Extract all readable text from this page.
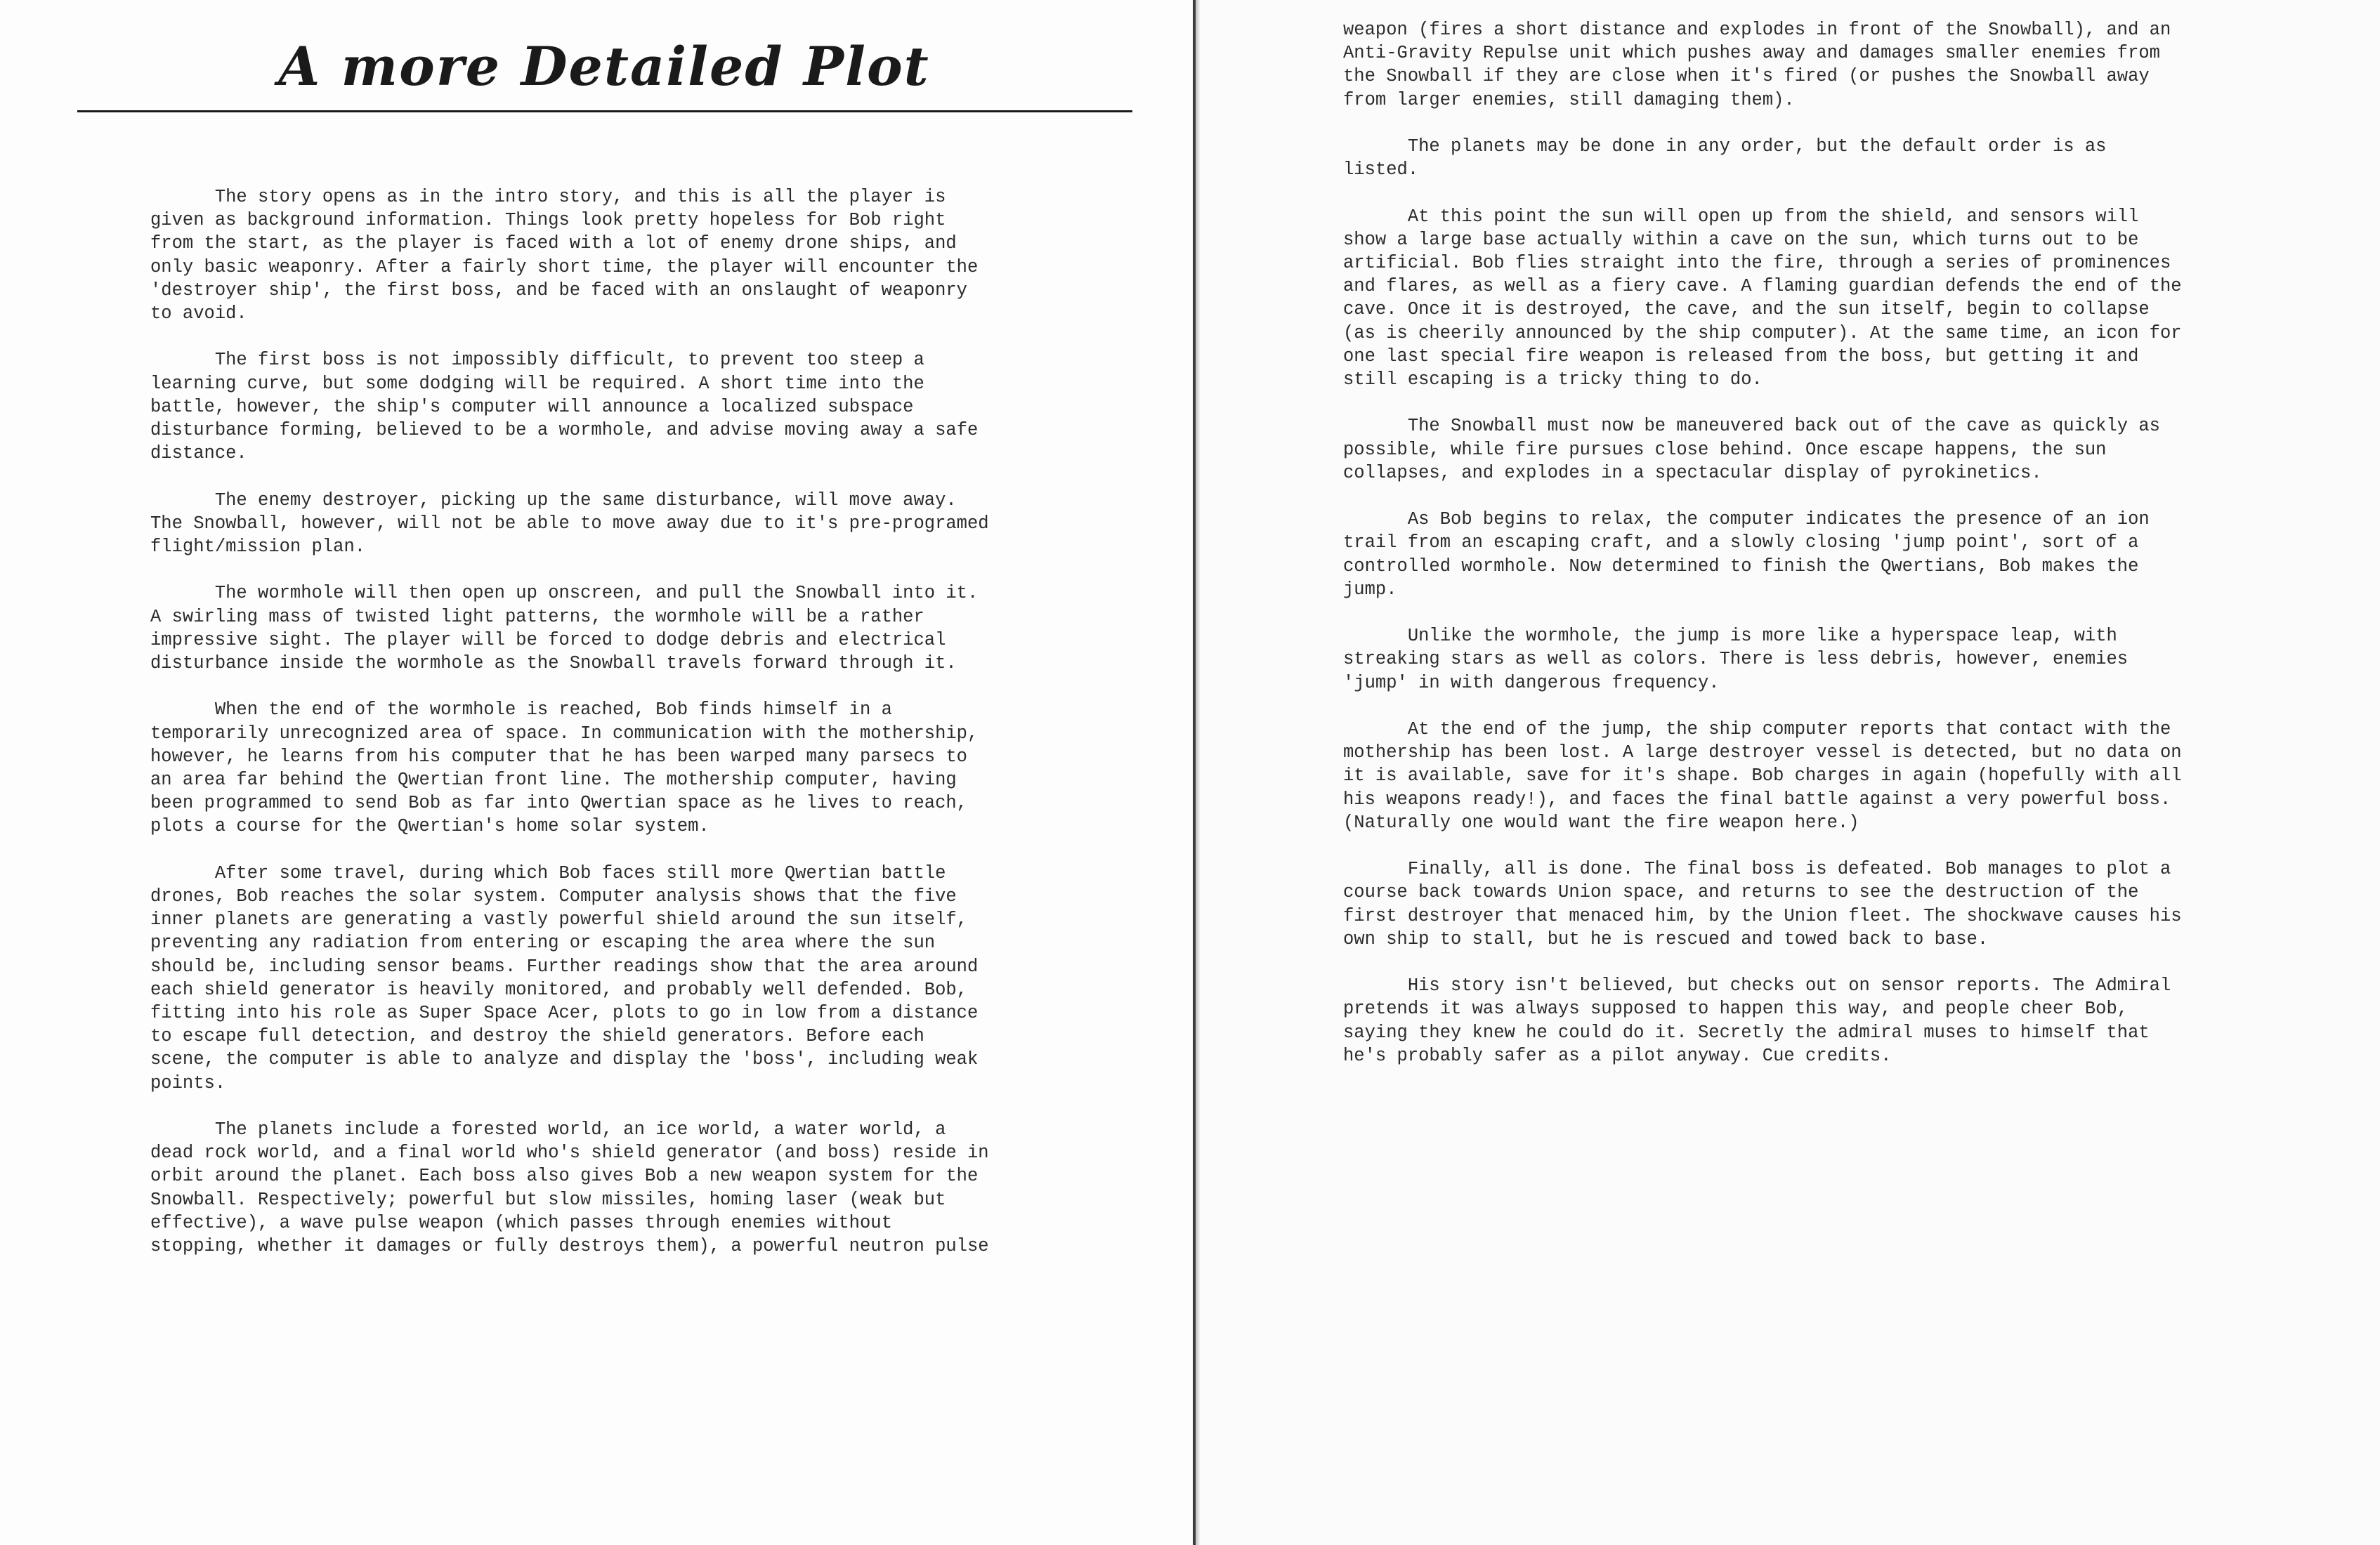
A more Detailed Plot
The story opens as in the intro story, and this is all the player is
given as background information. Things look pretty hopeless for Bob right
from the start, as the player is faced with a lot of enemy drone ships, and
only basic weaponry. After a fairly short time, the player will encounter the
'destroyer ship', the first boss, and be faced with an onslaught of weaponry
to avoid.
The first boss is not impossibly difficult, to prevent too steep a
learning curve, but some dodging will be required. A short time into the
battle, however, the ship's computer will announce a localized subspace
disturbance forming, believed to be a wormhole, and advise moving away a safe
distance.
The enemy destroyer, picking up the same disturbance, will move away.
The Snowball, however, will not be able to move away due to it's pre-programed
flight/mission plan.
The wormhole will then open up onscreen, and pull the Snowball into it.
A swirling mass of twisted light patterns, the wormhole will be a rather
impressive sight. The player will be forced to dodge debris and electrical
disturbance inside the wormhole as the Snowball travels forward through it.
When the end of the wormhole is reached, Bob finds himself in a
temporarily unrecognized area of space. In communication with the mothership,
however, he learns from his computer that he has been warped many parsecs to
an area far behind the Qwertian front line. The mothership computer, having
been programmed to send Bob as far into Qwertian space as he lives to reach,
plots a course for the Qwertian's home solar system.
After some travel, during which Bob faces still more Qwertian battle
drones, Bob reaches the solar system. Computer analysis shows that the five
inner planets are generating a vastly powerful shield around the sun itself,
preventing any radiation from entering or escaping the area where the sun
should be, including sensor beams. Further readings show that the area around
each shield generator is heavily monitored, and probably well defended. Bob,
fitting into his role as Super Space Acer, plots to go in low from a distance
to escape full detection, and destroy the shield generators. Before each
scene, the computer is able to analyze and display the 'boss', including weak
points.
The planets include a forested world, an ice world, a water world, a
dead rock world, and a final world who's shield generator (and boss) reside in
orbit around the planet. Each boss also gives Bob a new weapon system for the
Snowball. Respectively; powerful but slow missiles, homing laser (weak but
effective), a wave pulse weapon (which passes through enemies without
stopping, whether it damages or fully destroys them), a powerful neutron pulse
weapon (fires a short distance and explodes in front of the Snowball), and an
Anti-Gravity Repulse unit which pushes away and damages smaller enemies from
the Snowball if they are close when it's fired (or pushes the Snowball away
from larger enemies, still damaging them).
The planets may be done in any order, but the default order is as
listed.
At this point the sun will open up from the shield, and sensors will
show a large base actually within a cave on the sun, which turns out to be
artificial. Bob flies straight into the fire, through a series of prominences
and flares, as well as a fiery cave. A flaming guardian defends the end of the
cave. Once it is destroyed, the cave, and the sun itself, begin to collapse
(as is cheerily announced by the ship computer). At the same time, an icon for
one last special fire weapon is released from the boss, but getting it and
still escaping is a tricky thing to do.
The Snowball must now be maneuvered back out of the cave as quickly as
possible, while fire pursues close behind. Once escape happens, the sun
collapses, and explodes in a spectacular display of pyrokinetics.
As Bob begins to relax, the computer indicates the presence of an ion
trail from an escaping craft, and a slowly closing 'jump point', sort of a
controlled wormhole. Now determined to finish the Qwertians, Bob makes the
jump.
Unlike the wormhole, the jump is more like a hyperspace leap, with
streaking stars as well as colors. There is less debris, however, enemies
'jump' in with dangerous frequency.
At the end of the jump, the ship computer reports that contact with the
mothership has been lost. A large destroyer vessel is detected, but no data on
it is available, save for it's shape. Bob charges in again (hopefully with all
his weapons ready!), and faces the final battle against a very powerful boss.
(Naturally one would want the fire weapon here.)
Finally, all is done. The final boss is defeated. Bob manages to plot a
course back towards Union space, and returns to see the destruction of the
first destroyer that menaced him, by the Union fleet. The shockwave causes his
own ship to stall, but he is rescued and towed back to base.
His story isn't believed, but checks out on sensor reports. The Admiral
pretends it was always supposed to happen this way, and people cheer Bob,
saying they knew he could do it. Secretly the admiral muses to himself that
he's probably safer as a pilot anyway. Cue credits.
